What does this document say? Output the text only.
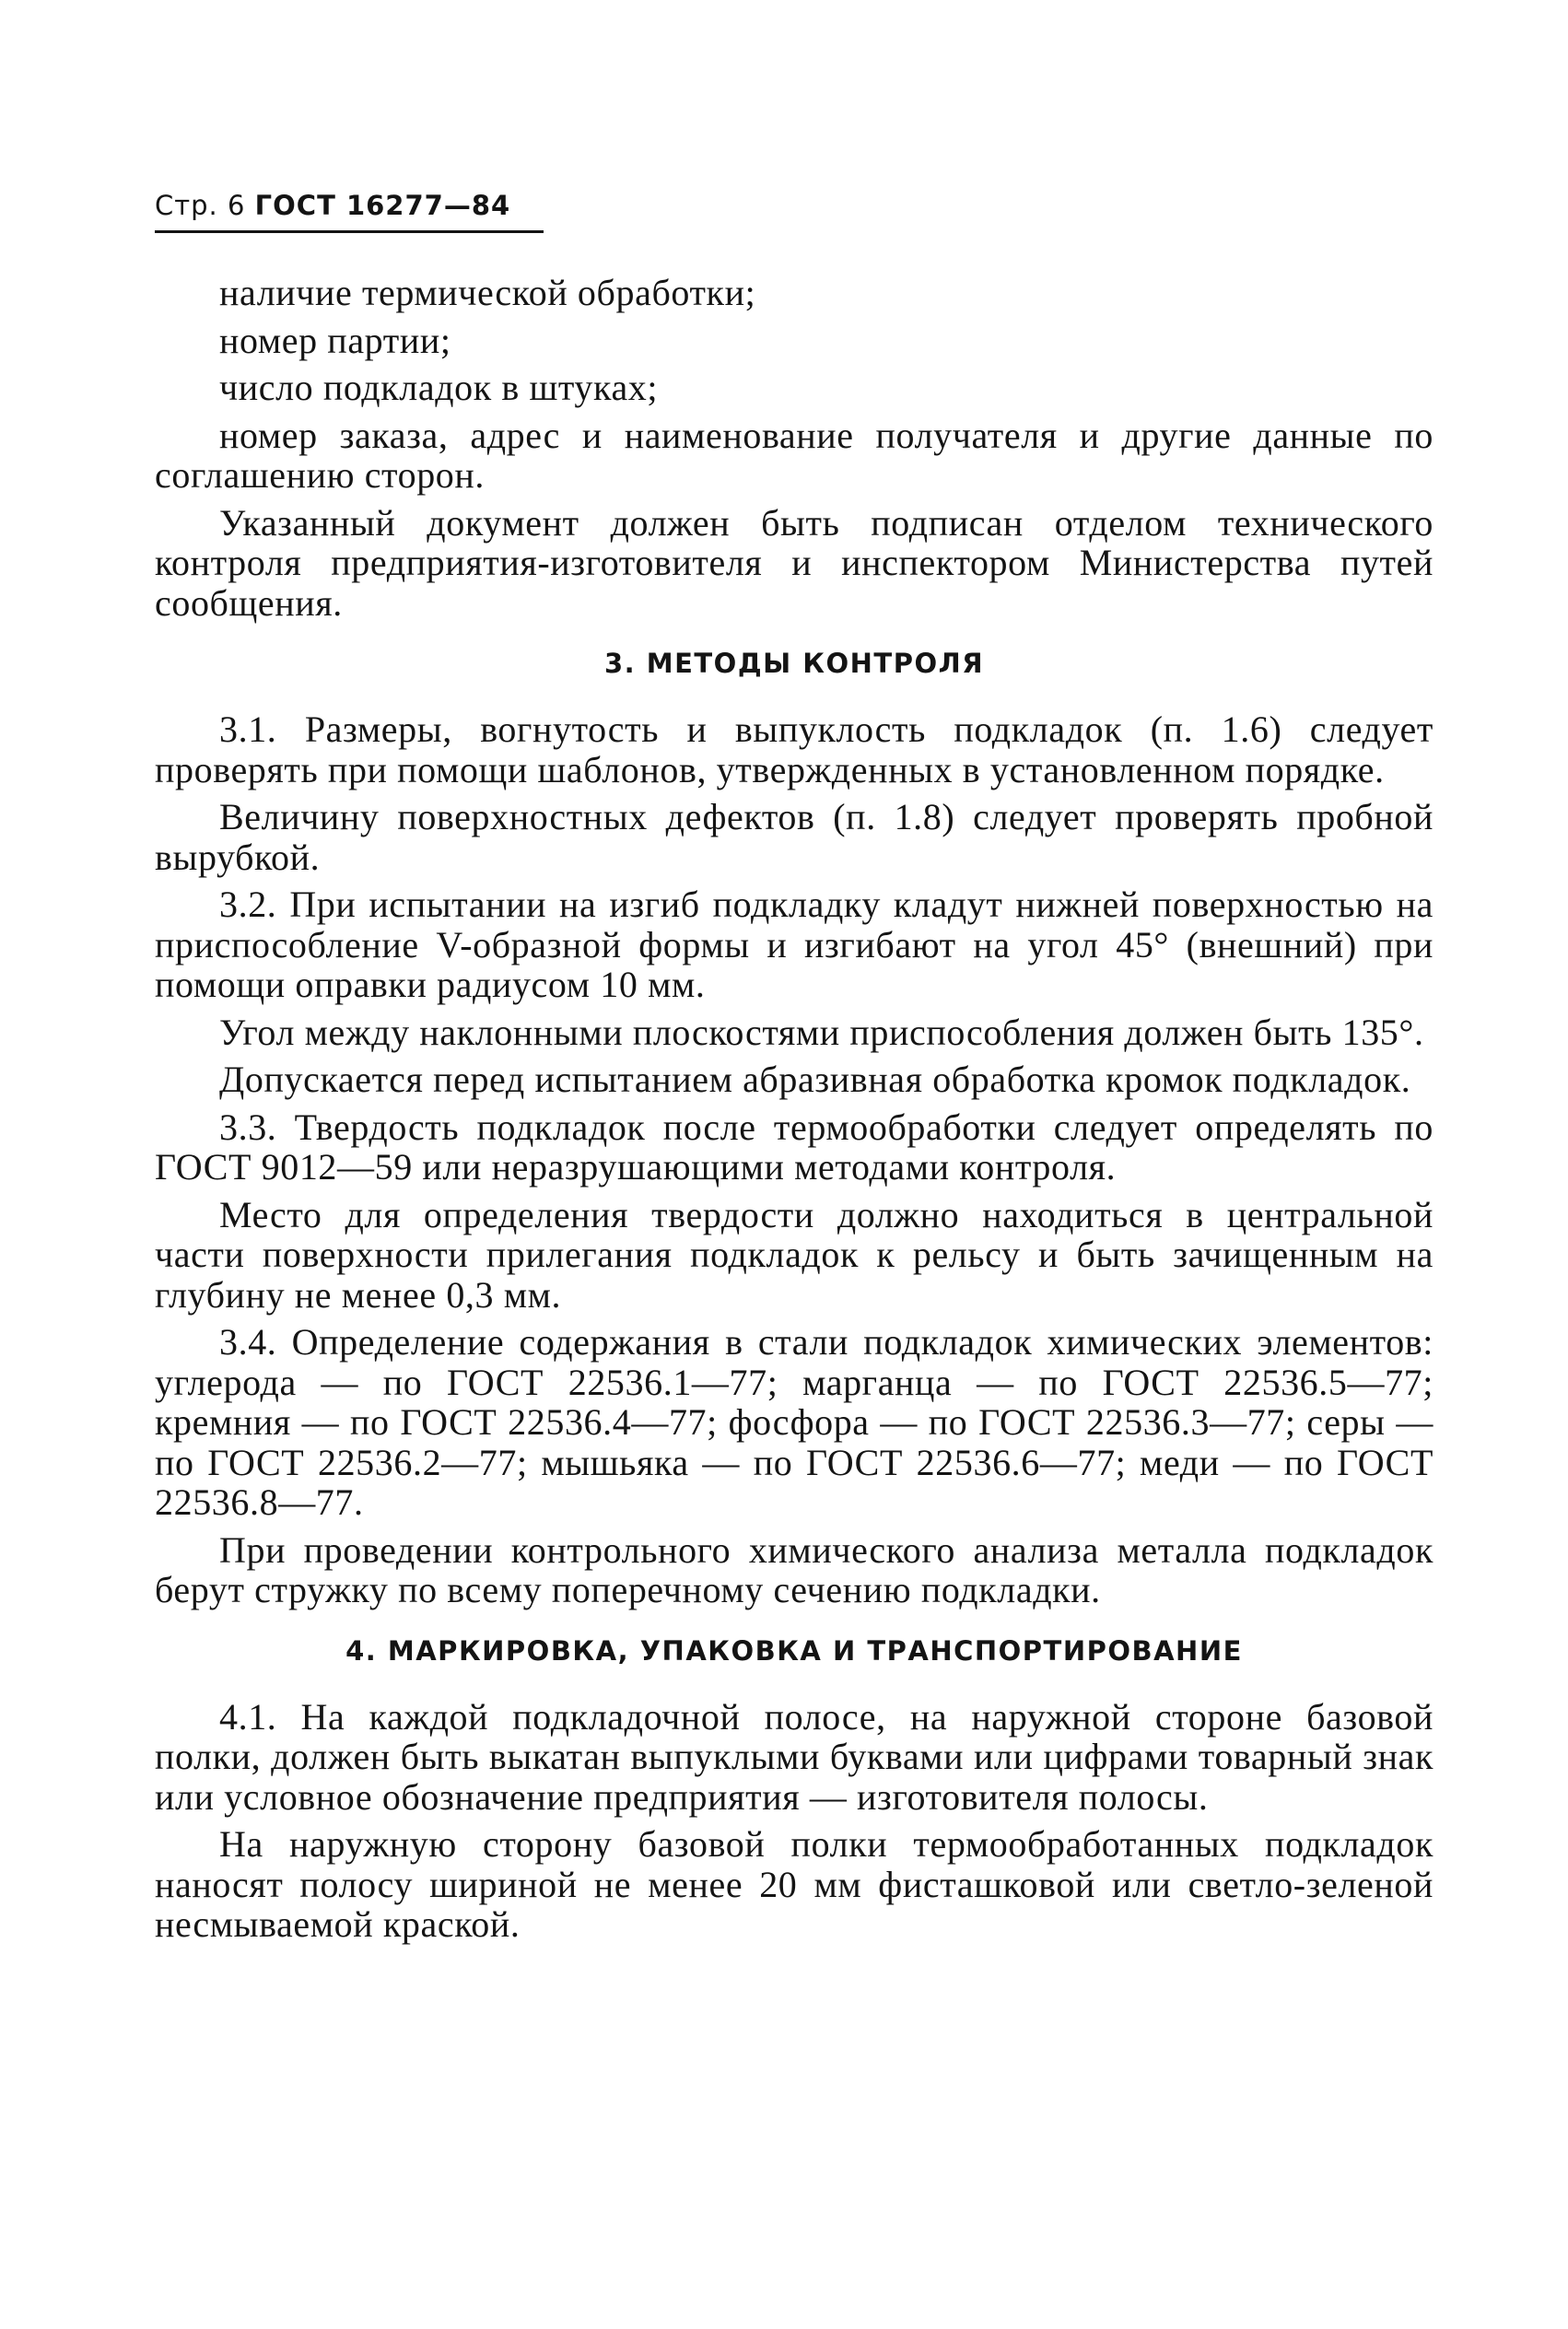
Стр. 6 ГОСТ 16277—84

наличие термической обработки;

номер партии;

число подкладок в штуках;

номер заказа, адрес и наименование получателя и другие данные по соглашению сторон.

Указанный документ должен быть подписан отделом технического контроля предприятия-изготовителя и инспектором Министерства путей сообщения.

3. МЕТОДЫ КОНТРОЛЯ

3.1. Размеры, вогнутость и выпуклость подкладок (п. 1.6) следует проверять при помощи шаблонов, утвержденных в установленном порядке.

Величину поверхностных дефектов (п. 1.8) следует проверять пробной вырубкой.

3.2. При испытании на изгиб подкладку кладут нижней поверхностью на приспособление V-образной формы и изгибают на угол 45° (внешний) при помощи оправки радиусом 10 мм.

Угол между наклонными плоскостями приспособления должен быть 135°.

Допускается перед испытанием абразивная обработка кромок подкладок.

3.3. Твердость подкладок после термообработки следует определять по ГОСТ 9012—59 или неразрушающими методами контроля.

Место для определения твердости должно находиться в центральной части поверхности прилегания подкладок к рельсу и быть зачищенным на глубину не менее 0,3 мм.

3.4. Определение содержания в стали подкладок химических элементов: углерода — по ГОСТ 22536.1—77; марганца — по ГОСТ 22536.5—77; кремния — по ГОСТ 22536.4—77; фосфора — по ГОСТ 22536.3—77; серы — по ГОСТ 22536.2—77; мышьяка — по ГОСТ 22536.6—77; меди — по ГОСТ 22536.8—77.

При проведении контрольного химического анализа металла подкладок берут стружку по всему поперечному сечению подкладки.

4. МАРКИРОВКА, УПАКОВКА И ТРАНСПОРТИРОВАНИЕ

4.1. На каждой подкладочной полосе, на наружной стороне базовой полки, должен быть выкатан выпуклыми буквами или цифрами товарный знак или условное обозначение предприятия — изготовителя полосы.

На наружную сторону базовой полки термообработанных подкладок наносят полосу шириной не менее 20 мм фисташковой или светло-зеленой несмываемой краской.
